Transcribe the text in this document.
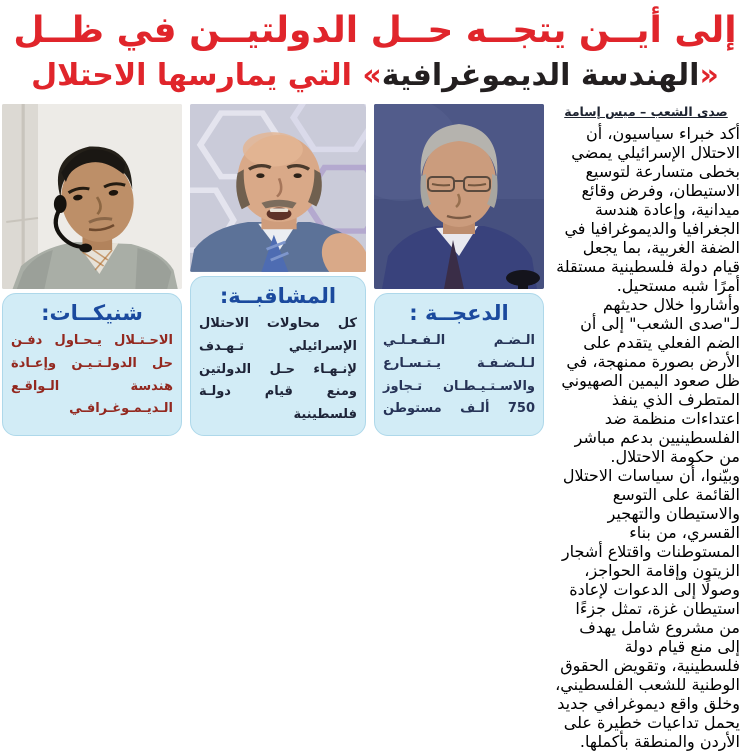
إلى أيــن يتجــه حــل الدولتيــن في ظــل
«الهندسة الديموغرافية» التي يمارسها الاحتلال
صدى الشعب – ميس إسامة

أكد خبراء سياسيون، أن الاحتلال الإسرائيلي يمضي بخطى متسارعة لتوسيع الاستيطان، وفرض وقائع ميدانية، وإعادة هندسة الجغرافيا والديموغرافيا في الضفة الغربية، بما يجعل قيام دولة فلسطينية مستقلة أمرًا شبه مستحيل.

وأشاروا خلال حديثهم لـ"صدى الشعب" إلى أن الضم الفعلي يتقدم على الأرض بصورة ممنهجة، في ظل صعود اليمين الصهيوني المتطرف الذي ينفذ اعتداءات منظمة ضد الفلسطينيين بدعم مباشر من حكومة الاحتلال.

وبيّنوا، أن سياسات الاحتلال القائمة على التوسع والاستيطان والتهجير القسري، من بناء المستوطنات واقتلاع أشجار الزيتون وإقامة الحواجز، وصولًا إلى الدعوات لإعادة استيطان غزة، تمثل جزءًا من مشروع شامل يهدف إلى منع قيام دولة فلسطينية، وتقويض الحقوق الوطنية للشعب الفلسطيني، وخلق واقع ديموغرافي جديد يحمل تداعيات خطيرة على الأردن والمنطقة بأكملها.

الدعجــة :
الـضـم الـفـعـلـي لـلـضـفـة يـتـسـارع والاسـتـيـطـان تـجاوز 750 ألـف مستوطن
المشاقبــة:
كل محاولات الاحتلال الإسرائيلي تـهـدف لإنـهـاء حـل الدولتين ومنع قيام دولـة فلسطينية
شنيكــات:
الاحـتـلال يـحـاول دفـن حل الدولـتـيـن وإعـادة هندسة الـواقـع الـديـمـوغـرافـي
